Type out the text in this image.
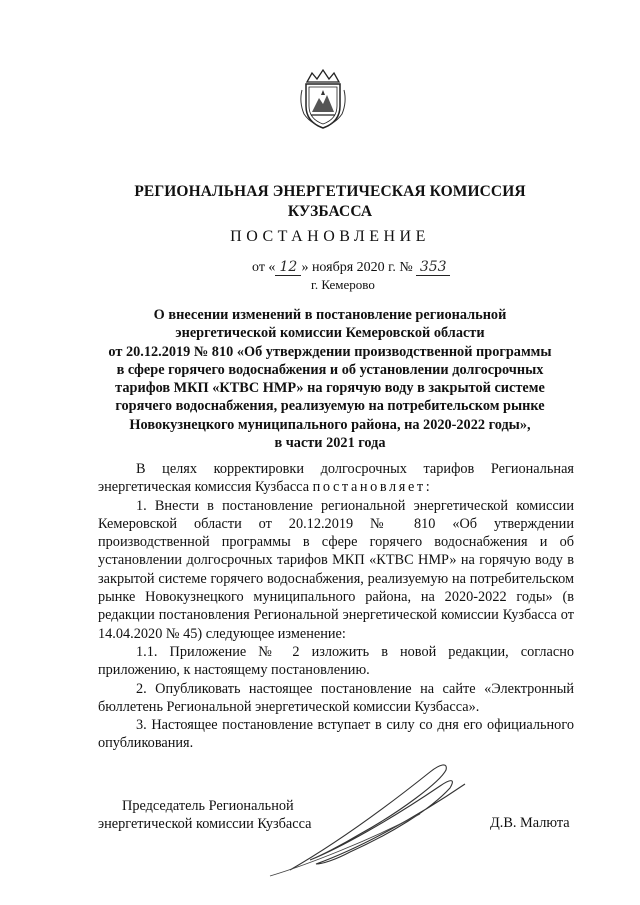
РЕГИОНАЛЬНАЯ ЭНЕРГЕТИЧЕСКАЯ КОМИССИЯ
КУЗБАССА
ПОСТАНОВЛЕНИЕ
от « 12 » ноября 2020 г. № 353
г. Кемерово
О внесении изменений в постановление региональной
энергетической комиссии Кемеровской области
от 20.12.2019 № 810 «Об утверждении производственной программы
в сфере горячего водоснабжения и об установлении долгосрочных
тарифов МКП «КТВС НМР» на горячую воду в закрытой системе
горячего водоснабжения, реализуемую на потребительском рынке
Новокузнецкого муниципального района, на 2020-2022 годы»,
в части 2021 года

В целях корректировки долгосрочных тарифов Региональная энергетическая комиссия Кузбасса постановляет:

1. Внести в постановление региональной энергетической комиссии Кемеровской области от 20.12.2019 № 810 «Об утверждении производственной программы в сфере горячего водоснабжения и об установлении долгосрочных тарифов МКП «КТВС НМР» на горячую воду в закрытой системе горячего водоснабжения, реализуемую на потребительском рынке Новокузнецкого муниципального района, на 2020-2022 годы» (в редакции постановления Региональной энергетической комиссии Кузбасса от 14.04.2020 № 45) следующее изменение:

1.1. Приложение № 2 изложить в новой редакции, согласно приложению, к настоящему постановлению.

2. Опубликовать настоящее постановление на сайте «Электронный бюллетень Региональной энергетической комиссии Кузбасса».

3. Настоящее постановление вступает в силу со дня его официального опубликования.

Председатель Региональной
энергетической комиссии Кузбасса	Д.В. Малюта
